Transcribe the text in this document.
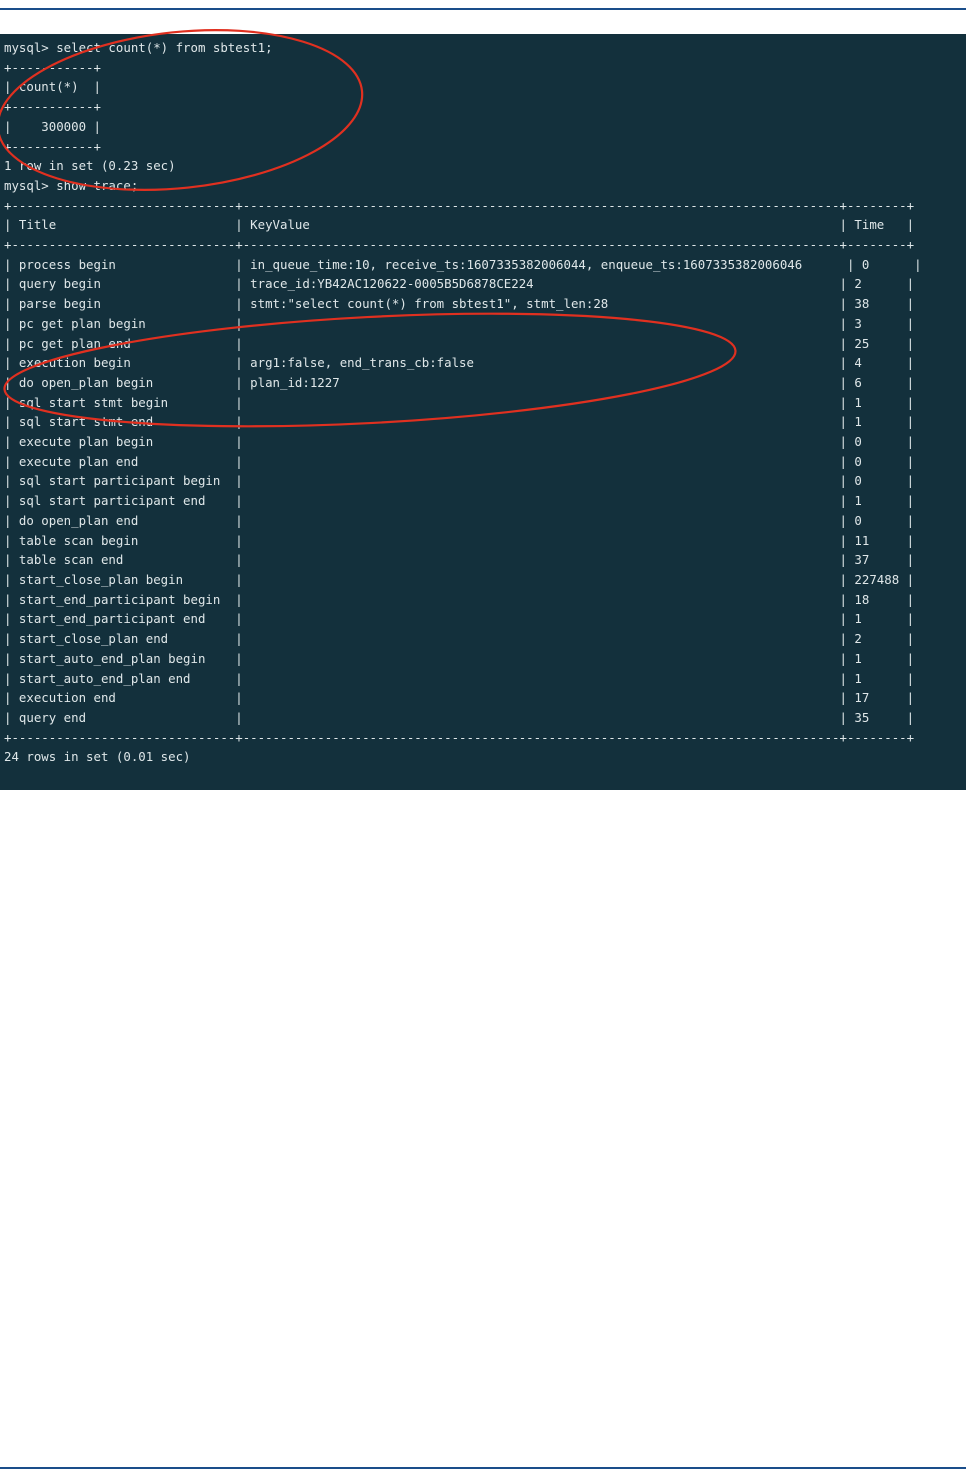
mysql> select count(*) from sbtest1;
+-----------+
| count(*)  |
+-----------+
|    300000 |
+-----------+
1 row in set (0.23 sec)
mysql> show trace;
+------------------------------+--------------------------------------------------------------------------------+--------+
| Title                        | KeyValue                                                                       | Time   |
+------------------------------+--------------------------------------------------------------------------------+--------+
| process begin                | in_queue_time:10, receive_ts:1607335382006044, enqueue_ts:1607335382006046      | 0      |
| query begin                  | trace_id:YB42AC120622-0005B5D6878CE224                                         | 2      |
| parse begin                  | stmt:"select count(*) from sbtest1", stmt_len:28                               | 38     |
| pc get plan begin            |                                                                                | 3      |
| pc get plan end              |                                                                                | 25     |
| execution begin              | arg1:false, end_trans_cb:false                                                 | 4      |
| do open_plan begin           | plan_id:1227                                                                   | 6      |
| sql start stmt begin         |                                                                                | 1      |
| sql start stmt end           |                                                                                | 1      |
| execute plan begin           |                                                                                | 0      |
| execute plan end             |                                                                                | 0      |
| sql start participant begin  |                                                                                | 0      |
| sql start participant end    |                                                                                | 1      |
| do open_plan end             |                                                                                | 0      |
| table scan begin             |                                                                                | 11     |
| table scan end               |                                                                                | 37     |
| start_close_plan begin       |                                                                                | 227488 |
| start_end_participant begin  |                                                                                | 18     |
| start_end_participant end    |                                                                                | 1      |
| start_close_plan end         |                                                                                | 2      |
| start_auto_end_plan begin    |                                                                                | 1      |
| start_auto_end_plan end      |                                                                                | 1      |
| execution end                |                                                                                | 17     |
| query end                    |                                                                                | 35     |
+------------------------------+--------------------------------------------------------------------------------+--------+
24 rows in set (0.01 sec)
